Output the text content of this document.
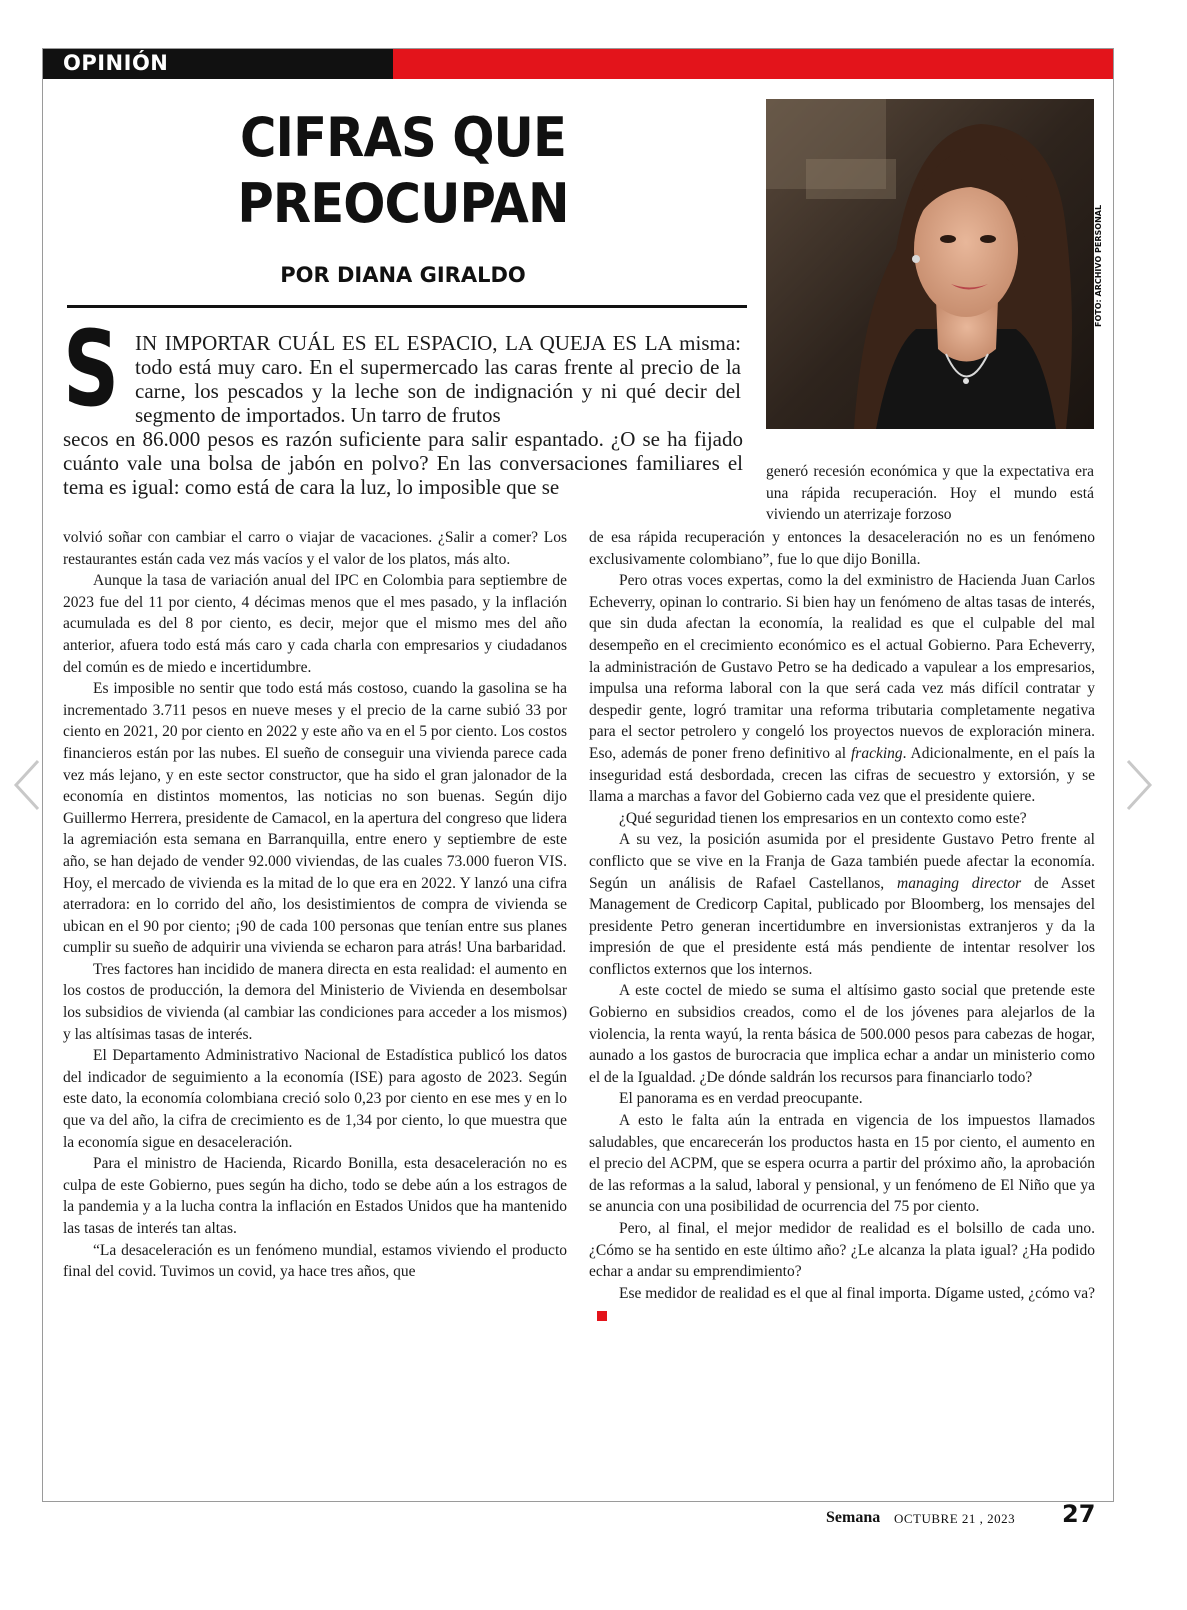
OPINIÓN
CIFRAS QUE
PREOCUPAN
POR DIANA GIRALDO	FOTO: ARCHIVO PERSONAL
S IN IMPORTAR CUÁL ES EL ESPACIO, LA QUEJA ES LA misma: todo está muy caro. En el supermercado las caras frente al precio de la carne, los pescados y la leche son de indignación y ni qué decir del segmento de importados. Un tarro de frutos

secos en 86.000 pesos es razón suficiente para salir espantado. ¿O se ha fijado cuánto vale una bolsa de jabón en polvo? En las conversaciones familiares el tema es igual: como está de cara la luz, lo imposible que se

generó recesión económica y que la expectativa era una rápida recuperación. Hoy el mundo está viviendo un aterrizaje forzoso

volvió soñar con cambiar el carro o viajar de vacaciones. ¿Salir a comer? Los restaurantes están cada vez más vacíos y el valor de los platos, más alto.

Aunque la tasa de variación anual del IPC en Colombia para septiembre de 2023 fue del 11 por ciento, 4 décimas menos que el mes pasado, y la inflación acumulada es del 8 por ciento, es decir, mejor que el mismo mes del año anterior, afuera todo está más caro y cada charla con empresarios y ciudadanos del común es de miedo e incertidumbre.

Es imposible no sentir que todo está más costoso, cuando la gasolina se ha incrementado 3.711 pesos en nueve meses y el precio de la carne subió 33 por ciento en 2021, 20 por ciento en 2022 y este año va en el 5 por ciento. Los costos financieros están por las nubes. El sueño de conseguir una vivienda parece cada vez más lejano, y en este sector constructor, que ha sido el gran jalonador de la economía en distintos momentos, las noticias no son buenas. Según dijo Guillermo Herrera, presidente de Camacol, en la apertura del congreso que lidera la agremiación esta semana en Barranquilla, entre enero y septiembre de este año, se han dejado de vender 92.000 viviendas, de las cuales 73.000 fueron VIS. Hoy, el mercado de vivienda es la mitad de lo que era en 2022. Y lanzó una cifra aterradora: en lo corrido del año, los desistimientos de compra de vivienda se ubican en el 90 por ciento; ¡90 de cada 100 personas que tenían entre sus planes cumplir su sueño de adquirir una vivienda se echaron para atrás! Una barbaridad.

Tres factores han incidido de manera directa en esta realidad: el aumento en los costos de producción, la demora del Ministerio de Vivienda en desembolsar los subsidios de vivienda (al cambiar las condiciones para acceder a los mismos) y las altísimas tasas de interés.

El Departamento Administrativo Nacional de Estadística publicó los datos del indicador de seguimiento a la economía (ISE) para agosto de 2023. Según este dato, la economía colombiana creció solo 0,23 por ciento en ese mes y en lo que va del año, la cifra de crecimiento es de 1,34 por ciento, lo que muestra que la economía sigue en desaceleración.

Para el ministro de Hacienda, Ricardo Bonilla, esta desaceleración no es culpa de este Gobierno, pues según ha dicho, todo se debe aún a los estragos de la pandemia y a la lucha contra la inflación en Estados Unidos que ha mantenido las tasas de interés tan altas.

“La desaceleración es un fenómeno mundial, estamos viviendo el producto final del covid. Tuvimos un covid, ya hace tres años, que

de esa rápida recuperación y entonces la desaceleración no es un fenómeno exclusivamente colombiano”, fue lo que dijo Bonilla.

Pero otras voces expertas, como la del exministro de Hacienda Juan Carlos Echeverry, opinan lo contrario. Si bien hay un fenómeno de altas tasas de interés, que sin duda afectan la economía, la realidad es que el culpable del mal desempeño en el crecimiento económico es el actual Gobierno. Para Echeverry, la administración de Gustavo Petro se ha dedicado a vapulear a los empresarios, impulsa una reforma laboral con la que será cada vez más difícil contratar y despedir gente, logró tramitar una reforma tributaria completamente negativa para el sector petrolero y congeló los proyectos nuevos de exploración minera. Eso, además de poner freno definitivo al fracking. Adicionalmente, en el país la inseguridad está desbordada, crecen las cifras de secuestro y extorsión, y se llama a marchas a favor del Gobierno cada vez que el presidente quiere.

¿Qué seguridad tienen los empresarios en un contexto como este?

A su vez, la posición asumida por el presidente Gustavo Petro frente al conflicto que se vive en la Franja de Gaza también puede afectar la economía. Según un análisis de Rafael Castellanos, managing director de Asset Management de Credicorp Capital, publicado por Bloomberg, los mensajes del presidente Petro generan incertidumbre en inversionistas extranjeros y da la impresión de que el presidente está más pendiente de intentar resolver los conflictos externos que los internos.

A este coctel de miedo se suma el altísimo gasto social que pretende este Gobierno en subsidios creados, como el de los jóvenes para alejarlos de la violencia, la renta wayú, la renta básica de 500.000 pesos para cabezas de hogar, aunado a los gastos de burocracia que implica echar a andar un ministerio como el de la Igualdad. ¿De dónde saldrán los recursos para financiarlo todo?

El panorama es en verdad preocupante.

A esto le falta aún la entrada en vigencia de los impuestos llamados saludables, que encarecerán los productos hasta en 15 por ciento, el aumento en el precio del ACPM, que se espera ocurra a partir del próximo año, la aprobación de las reformas a la salud, laboral y pensional, y un fenómeno de El Niño que ya se anuncia con una posibilidad de ocurrencia del 75 por ciento.

Pero, al final, el mejor medidor de realidad es el bolsillo de cada uno. ¿Cómo se ha sentido en este último año? ¿Le alcanza la plata igual? ¿Ha podido echar a andar su emprendimiento?

Ese medidor de realidad es el que al final importa. Dígame usted, ¿cómo va?

Semana OCTUBRE 21 , 2023 27
